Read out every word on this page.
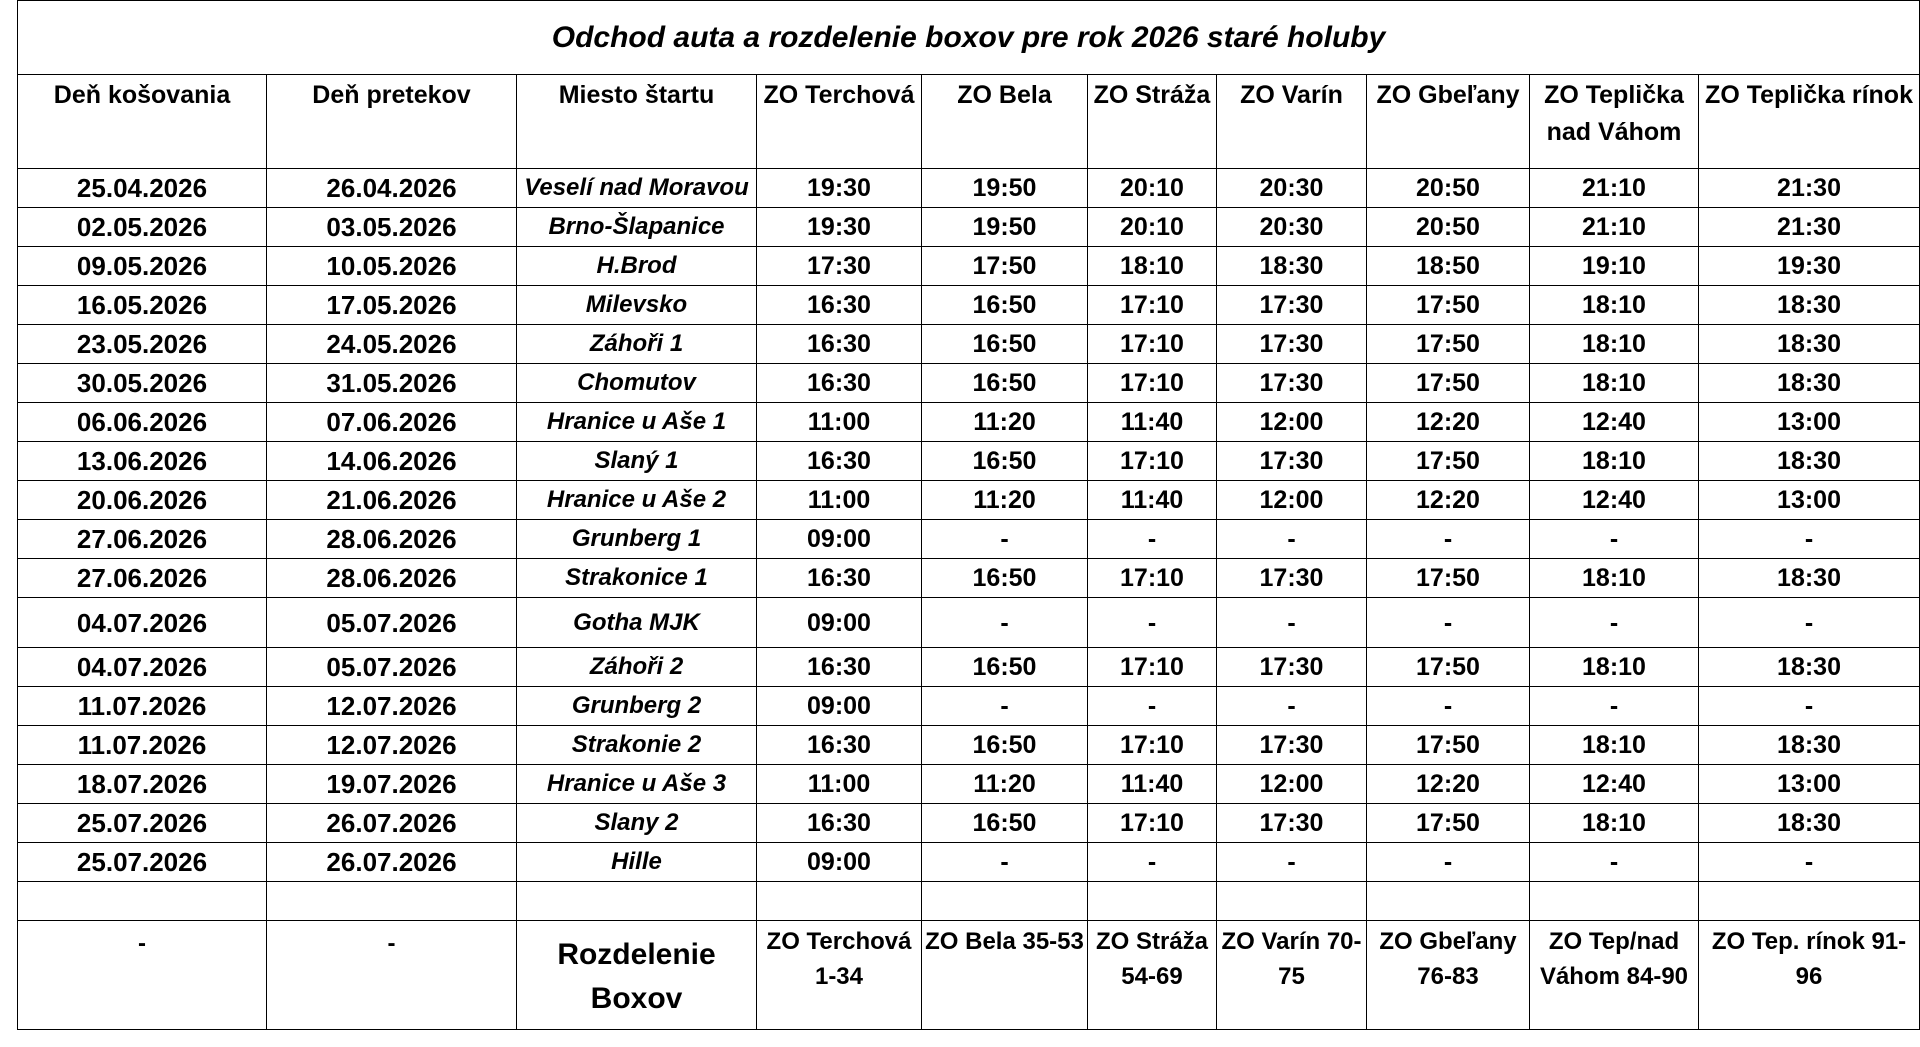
Odchod auta a rozdelenie boxov pre rok 2026 staré holuby									
Deň košovania	Deň pretekov	Miesto štartu	ZO Terchová	ZO Bela	ZO Stráža	ZO Varín	ZO Gbeľany	ZO Teplička nad Váhom	ZO Teplička rínok
25.04.2026	26.04.2026	Veselí nad Moravou	19:30	19:50	20:10	20:30	20:50	21:10	21:30
02.05.2026	03.05.2026	Brno-Šlapanice	19:30	19:50	20:10	20:30	20:50	21:10	21:30
09.05.2026	10.05.2026	H.Brod	17:30	17:50	18:10	18:30	18:50	19:10	19:30
16.05.2026	17.05.2026	Milevsko	16:30	16:50	17:10	17:30	17:50	18:10	18:30
23.05.2026	24.05.2026	Záhoři 1	16:30	16:50	17:10	17:30	17:50	18:10	18:30
30.05.2026	31.05.2026	Chomutov	16:30	16:50	17:10	17:30	17:50	18:10	18:30
06.06.2026	07.06.2026	Hranice u Aše 1	11:00	11:20	11:40	12:00	12:20	12:40	13:00
13.06.2026	14.06.2026	Slaný 1	16:30	16:50	17:10	17:30	17:50	18:10	18:30
20.06.2026	21.06.2026	Hranice u Aše 2	11:00	11:20	11:40	12:00	12:20	12:40	13:00
27.06.2026	28.06.2026	Grunberg 1	09:00	-	-	-	-	-	-
27.06.2026	28.06.2026	Strakonice 1	16:30	16:50	17:10	17:30	17:50	18:10	18:30
04.07.2026	05.07.2026	Gotha MJK	09:00	-	-	-	-	-	-
04.07.2026	05.07.2026	Záhoři 2	16:30	16:50	17:10	17:30	17:50	18:10	18:30
11.07.2026	12.07.2026	Grunberg 2	09:00	-	-	-	-	-	-
11.07.2026	12.07.2026	Strakonie 2	16:30	16:50	17:10	17:30	17:50	18:10	18:30
18.07.2026	19.07.2026	Hranice u Aše 3	11:00	11:20	11:40	12:00	12:20	12:40	13:00
25.07.2026	26.07.2026	Slany 2	16:30	16:50	17:10	17:30	17:50	18:10	18:30
25.07.2026	26.07.2026	Hille	09:00	-	-	-	-	-	-

-	-	Rozdelenie Boxov	ZO Terchová 1-34	ZO Bela 35-53	ZO Stráža 54-69	ZO Varín 70-75	ZO Gbeľany 76-83	ZO Tep/nad Váhom 84-90	ZO Tep. rínok 91-96
